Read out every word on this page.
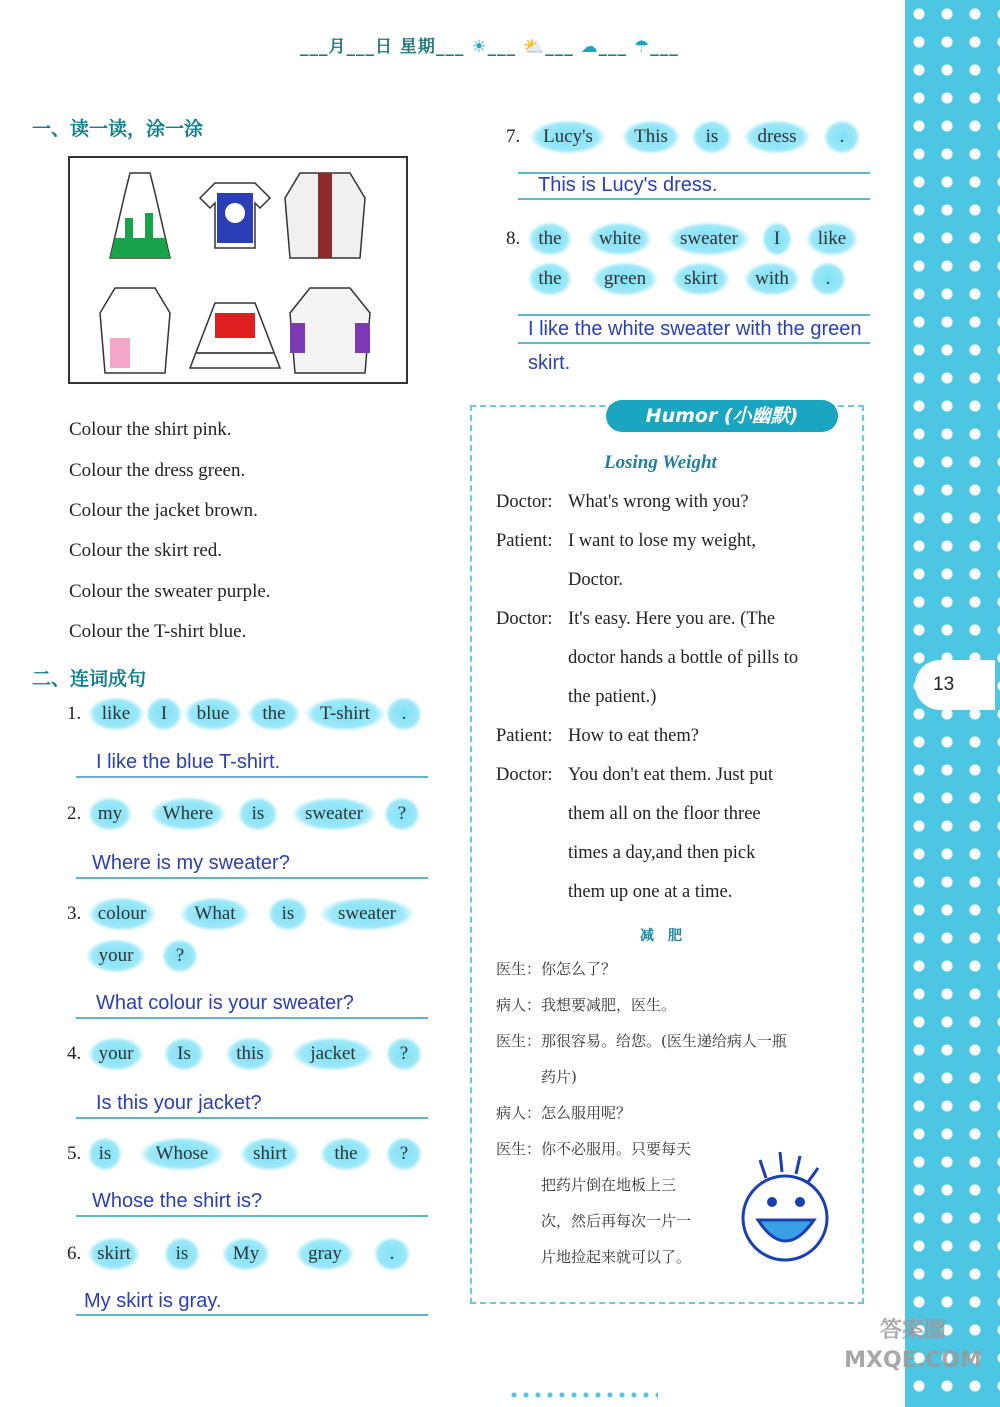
13
___月___日 星期___ ☀___ ⛅___ ☁___ ☂___
一、读一读，涂一涂
Colour the shirt pink.
Colour the dress green.
Colour the jacket brown.
Colour the skirt red.
Colour the sweater purple.
Colour the T-shirt blue.
二、连词成句
1.	like	I	blue	the	T-shirt	.
I like the blue T-shirt.
2. my	Where	is	sweater	?
Where is my sweater?
3. colour	What	is	sweater
your	?
What colour is your sweater?
4. your	Is	this	jacket	?
Is this your jacket?
5. is	Whose	shirt	the	?
Whose the shirt is?
6. skirt	is	My	gray	.
My skirt is gray.
7.	Lucy's	This	is	dress	.
This is Lucy's dress.
8. the	white	sweater	I	like
the	green	skirt	with	.
I like the white sweater with the green
skirt.
Humor (小幽默)
Losing Weight
Doctor: What's wrong with you?
Patient: I want to lose my weight,
Doctor.
Doctor: It's easy. Here you are. (The
doctor hands a bottle of pills to
the patient.)
Patient: How to eat them?
Doctor: You don't eat them. Just put
them all on the floor three
times a day,and then pick
them up one at a time.
减　肥
医生：你怎么了？
病人：我想要减肥，医生。
医生：那很容易。给您。(医生递给病人一瓶
　　　药片)
病人：怎么服用呢？
医生：你不必服用。只要每天
　　　把药片倒在地板上三
　　　次，然后再每次一片一
　　　片地捡起来就可以了。
答案圈 MXQE.COM
